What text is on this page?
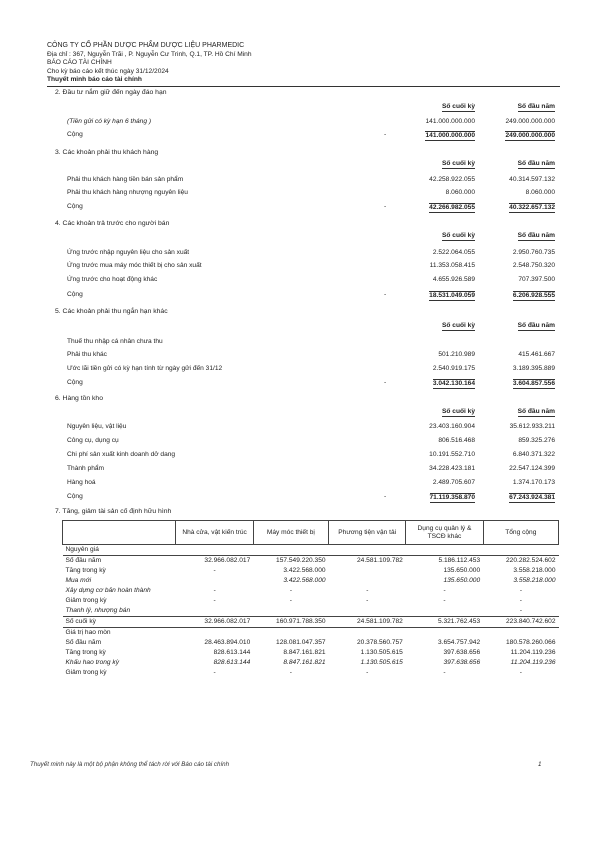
CÔNG TY CỔ PHẦN DƯỢC PHẨM DƯỢC LIỆU PHARMEDIC
Địa chỉ : 367, Nguyễn Trãi , P. Nguyễn Cư Trinh, Q.1, TP. Hồ Chí Minh
BÁO CÁO TÀI CHÍNH
Cho kỳ báo cáo kết thúc ngày 31/12/2024
Thuyết minh báo cáo tài chính
2. Đầu tư nắm giữ đến ngày đáo hạn
Số cuối kỳ	Số đầu năm
(Tiền gửi có kỳ hạn 6 tháng )	141.000.000.000	249.000.000.000
Cộng	-	141.000.000.000	249.000.000.000
3. Các khoản phải thu khách hàng
Số cuối kỳ	Số đầu năm
Phải thu khách hàng tiền bán sản phẩm	42.258.922.055	40.314.597.132
Phải thu khách hàng nhượng nguyên liệu	8.060.000	8.060.000
Cộng	-	42.266.982.055	40.322.657.132
4. Các khoản trả trước cho người bán
Số cuối kỳ	Số đầu năm
Ứng trước nhập nguyên liệu cho sản xuất	2.522.064.055	2.950.760.735
Ứng trước mua máy móc thiết bị cho sản xuất	11.353.058.415	2.548.750.320
Ứng trước cho hoạt động khác	4.655.926.589	707.397.500
Cộng	-	18.531.049.059	6.206.928.555
5. Các khoản phải thu ngắn hạn khác
Số cuối kỳ	Số đầu năm
Thuế thu nhập cá nhân chưa thu
Phải thu khác	501.210.989	415.461.667
Ước lãi tiền gửi có kỳ hạn tính từ ngày gửi đến 31/12	2.540.919.175	3.189.395.889
Cộng	-	3.042.130.164	3.604.857.556
6. Hàng tồn kho
Số cuối kỳ	Số đầu năm
Nguyên liệu, vật liệu	23.403.160.904	35.612.933.211
Công cụ, dụng cụ	806.516.468	859.325.276
Chi phí sản xuất kinh doanh dở dang	10.191.552.710	6.840.371.322
Thành phẩm	34.228.423.181	22.547.124.399
Hàng hoá	2.489.705.607	1.374.170.173
Cộng	-	71.119.358.870	67.243.924.381
7. Tăng, giảm tài sản cố định hữu hình
	Nhà cửa, vật kiến trúc	Máy móc thiết bị	Phương tiện vận tải	Dụng cụ quản lý & TSCĐ khác	Tổng cộng
Nguyên giá					
Số đầu năm	32.966.082.017	157.549.220.350	24.581.109.782	5.186.112.453	220.282.524.602
Tăng trong kỳ	-	3.422.568.000		135.650.000	3.558.218.000
Mua mới		3.422.568.000		135.650.000	3.558.218.000
Xây dựng cơ bản hoàn thành	-	-	-	-	-
Giảm trong kỳ	-	-	-	-	-
Thanh lý, nhượng bán					-
Số cuối kỳ	32.966.082.017	160.971.788.350	24.581.109.782	5.321.762.453	223.840.742.602
Giá trị hao mòn					
Số đầu năm	28.463.894.010	128.081.047.357	20.378.560.757	3.654.757.942	180.578.260.066
Tăng trong kỳ	828.613.144	8.847.161.821	1.130.505.615	397.638.656	11.204.119.236
Khấu hao trong kỳ	828.613.144	8.847.161.821	1.130.505.615	397.638.656	11.204.119.236
Giảm trong kỳ	-	-	-	-	-
Thuyết minh này là một bộ phận không thể tách rời với Báo cáo tài chính	1
